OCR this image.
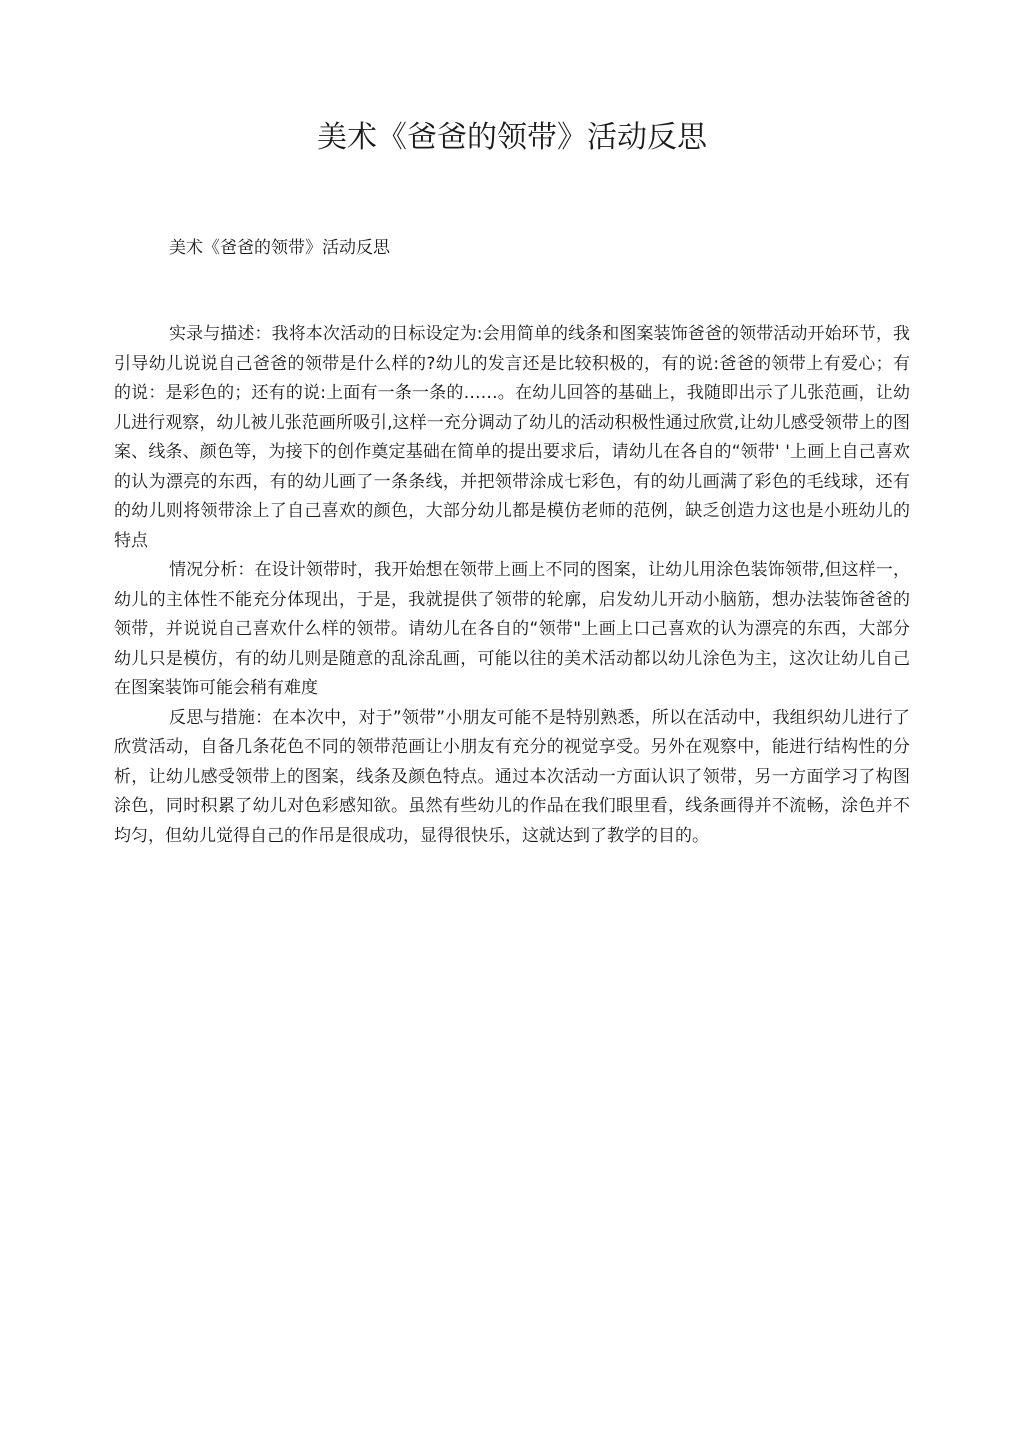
美术《爸爸的领带》活动反思

美术《爸爸的领带》活动反思

实录与描述：我将本次活动的日标设定为:会用简单的线条和图案装饰爸爸的领带活动开始环节，我引导幼儿说说自己爸爸的领带是什么样的?幼儿的发言还是比较积极的，有的说:爸爸的领带上有爱心；有的说：是彩色的；还有的说:上面有一条一条的……。在幼儿回答的基础上，我随即出示了儿张范画，让幼儿进行观察，幼儿被儿张范画所吸引,这样一充分调动了幼儿的活动积极性通过欣赏,让幼儿感受领带上的图案、线条、颜色等，为接下的创作奠定基础在简单的提出要求后，请幼儿在各自的“领带' '上画上自己喜欢的认为漂亮的东西，有的幼儿画了一条条线，并把领带涂成七彩色，有的幼儿画满了彩色的毛线球，还有的幼儿则将领带涂上了自己喜欢的颜色，大部分幼儿都是模仿老师的范例，缺乏创造力这也是小班幼儿的特点

情况分析：在设计领带时，我开始想在领带上画上不同的图案，让幼儿用涂色装饰领带,但这样一，幼儿的主体性不能充分体现出，于是，我就提供了领带的轮廓，启发幼儿开动小脑筋，想办法装饰爸爸的领带，并说说自己喜欢什么样的领带。请幼儿在各自的“领带"上画上口己喜欢的认为漂亮的东西，大部分幼儿只是模仿，有的幼儿则是随意的乱涂乱画，可能以往的美术活动都以幼儿涂色为主，这次让幼儿自己在图案装饰可能会稍有难度

反思与措施：在本次中，对于”领带”小朋友可能不是特别熟悉，所以在活动中，我组织幼儿进行了欣赏活动，自备几条花色不同的领带范画让小朋友有充分的视觉享受。另外在观察中，能进行结构性的分析，让幼儿感受领带上的图案，线条及颜色特点。通过本次活动一方面认识了领带，另一方面学习了构图涂色，同时积累了幼儿对色彩感知欲。虽然有些幼儿的作品在我们眼里看，线条画得并不流畅，涂色并不均匀，但幼儿觉得自己的作吊是很成功，显得很快乐，这就达到了教学的目的。
